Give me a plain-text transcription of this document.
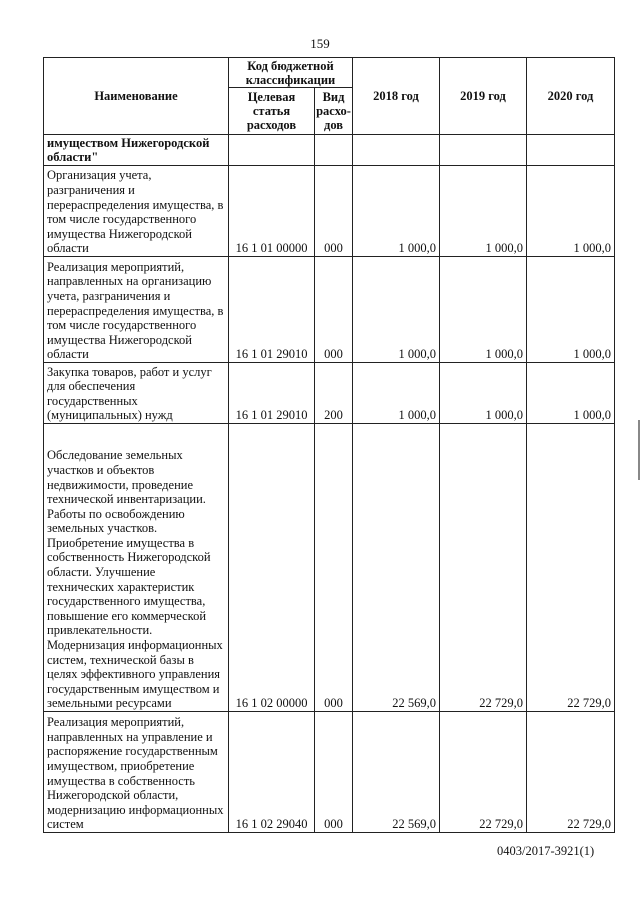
159
Наименование	Код бюджетной классификации		2018 год	2019 год	2020 год
	Целевая статья расходов	Вид расхо-дов			
имуществом Нижегородской области"					
Организация учета, разграничения и перераспределения имущества, в том числе государственного имущества Нижегородской области	16 1 01 00000	000	1 000,0	1 000,0	1 000,0
Реализация мероприятий, направленных на организацию учета, разграничения и перераспределения имущества, в том числе государственного имущества Нижегородской области	16 1 01 29010	000	1 000,0	1 000,0	1 000,0
Закупка товаров, работ и услуг для обеспечения государственных (муниципальных) нужд	16 1 01 29010	200	1 000,0	1 000,0	1 000,0
Обследование земельных участков и объектов недвижимости, проведение технической инвентаризации. Работы по освобождению земельных участков. Приобретение имущества в собственность Нижегородской области. Улучшение технических характеристик государственного имущества, повышение его коммерческой привлекательности. Модернизация информационных систем, технической базы в целях эффективного управления государственным имуществом и земельными ресурсами	16 1 02 00000	000	22 569,0	22 729,0	22 729,0
Реализация мероприятий, направленных на управление и распоряжение государственным имуществом, приобретение имущества в собственность Нижегородской области, модернизацию информационных систем	16 1 02 29040	000	22 569,0	22 729,0	22 729,0
0403/2017-3921(1)
